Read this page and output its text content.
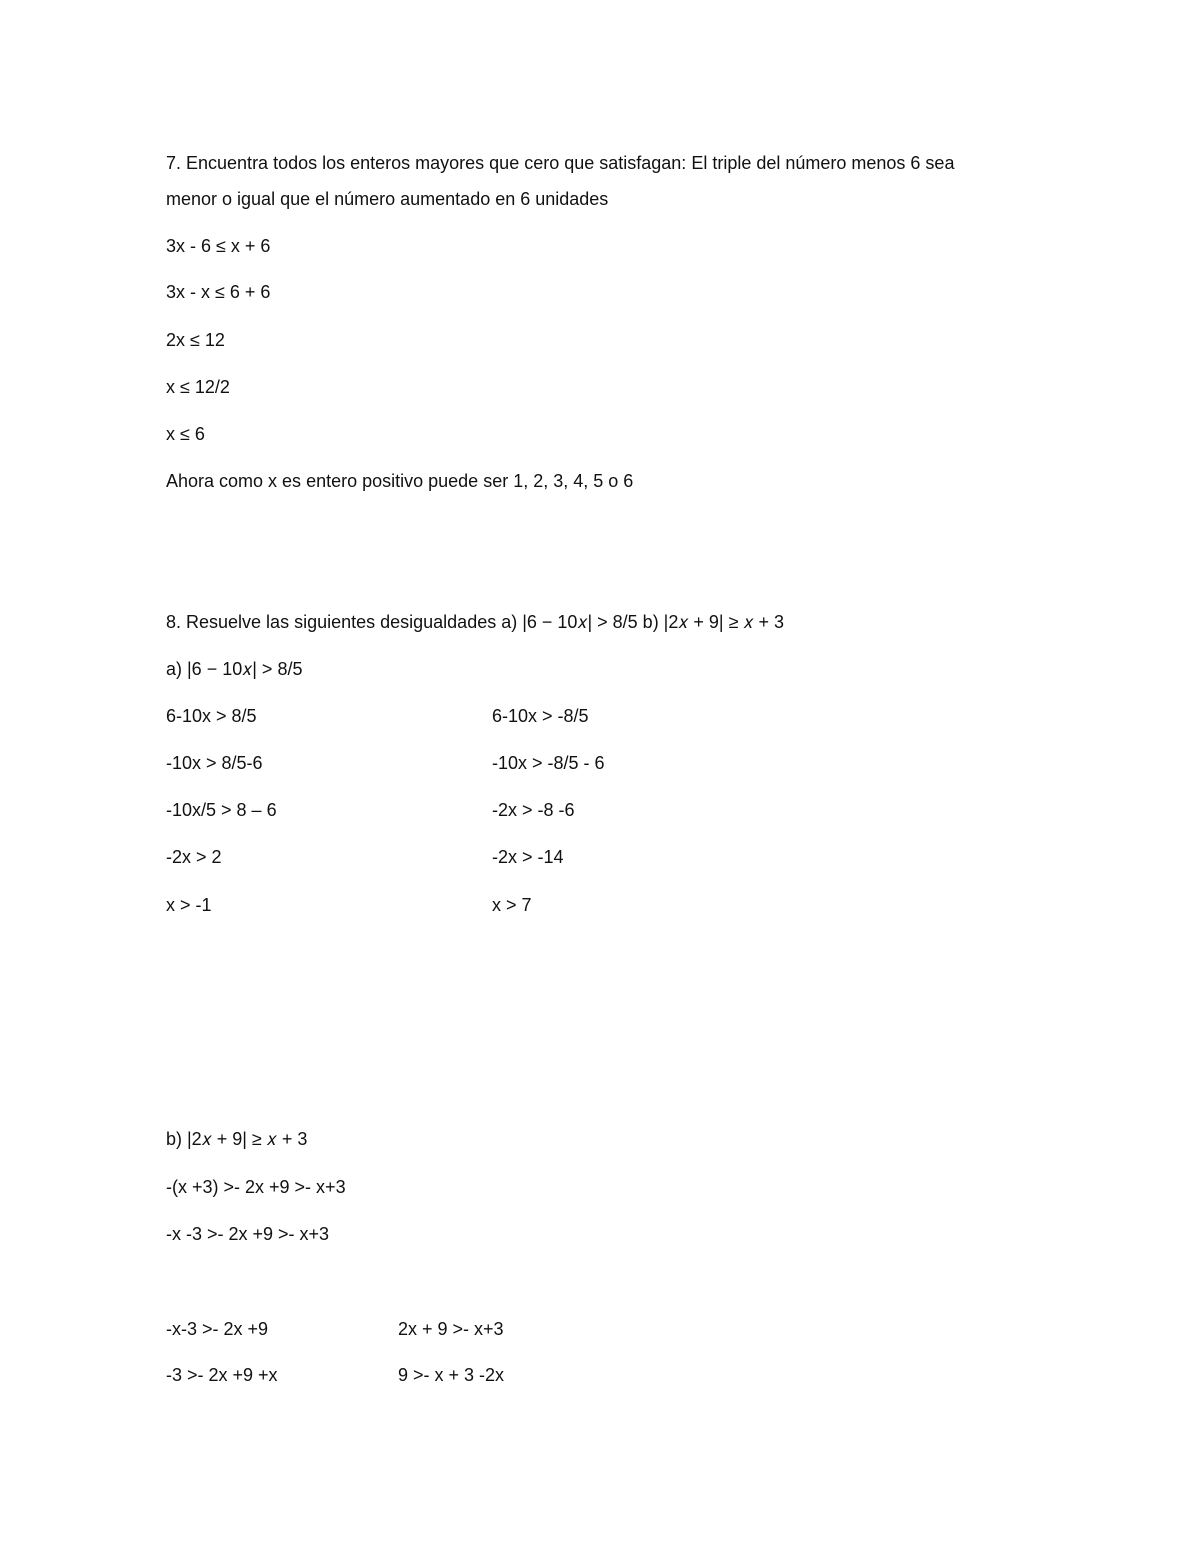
7. Encuentra todos los enteros mayores que cero que satisfagan: El triple del número menos 6 sea
menor o igual que el número aumentado en 6 unidades
3x - 6 ≤ x + 6
3x - x ≤ 6 + 6
2x ≤ 12
x ≤ 12/2
x ≤ 6
Ahora como x es entero positivo puede ser 1, 2, 3, 4, 5 o 6
8. Resuelve las siguientes desigualdades a) |6 − 10𝑥| > 8/5 b) |2𝑥 + 9| ≥ 𝑥 + 3
a) |6 − 10𝑥| > 8/5
6-10x > 8/5
-10x > 8/5-6
-10x/5 > 8 – 6
-2x > 2
x > -1
6-10x > -8/5
-10x > -8/5 - 6
-2x > -8 -6
-2x > -14
x > 7
b) |2𝑥 + 9| ≥ 𝑥 + 3
-(x +3) >- 2x +9 >- x+3
-x -3 >- 2x +9 >- x+3
-x-3 >- 2x +9
-3 >- 2x +9 +x
2x + 9 >- x+3
9 >- x + 3 -2x
